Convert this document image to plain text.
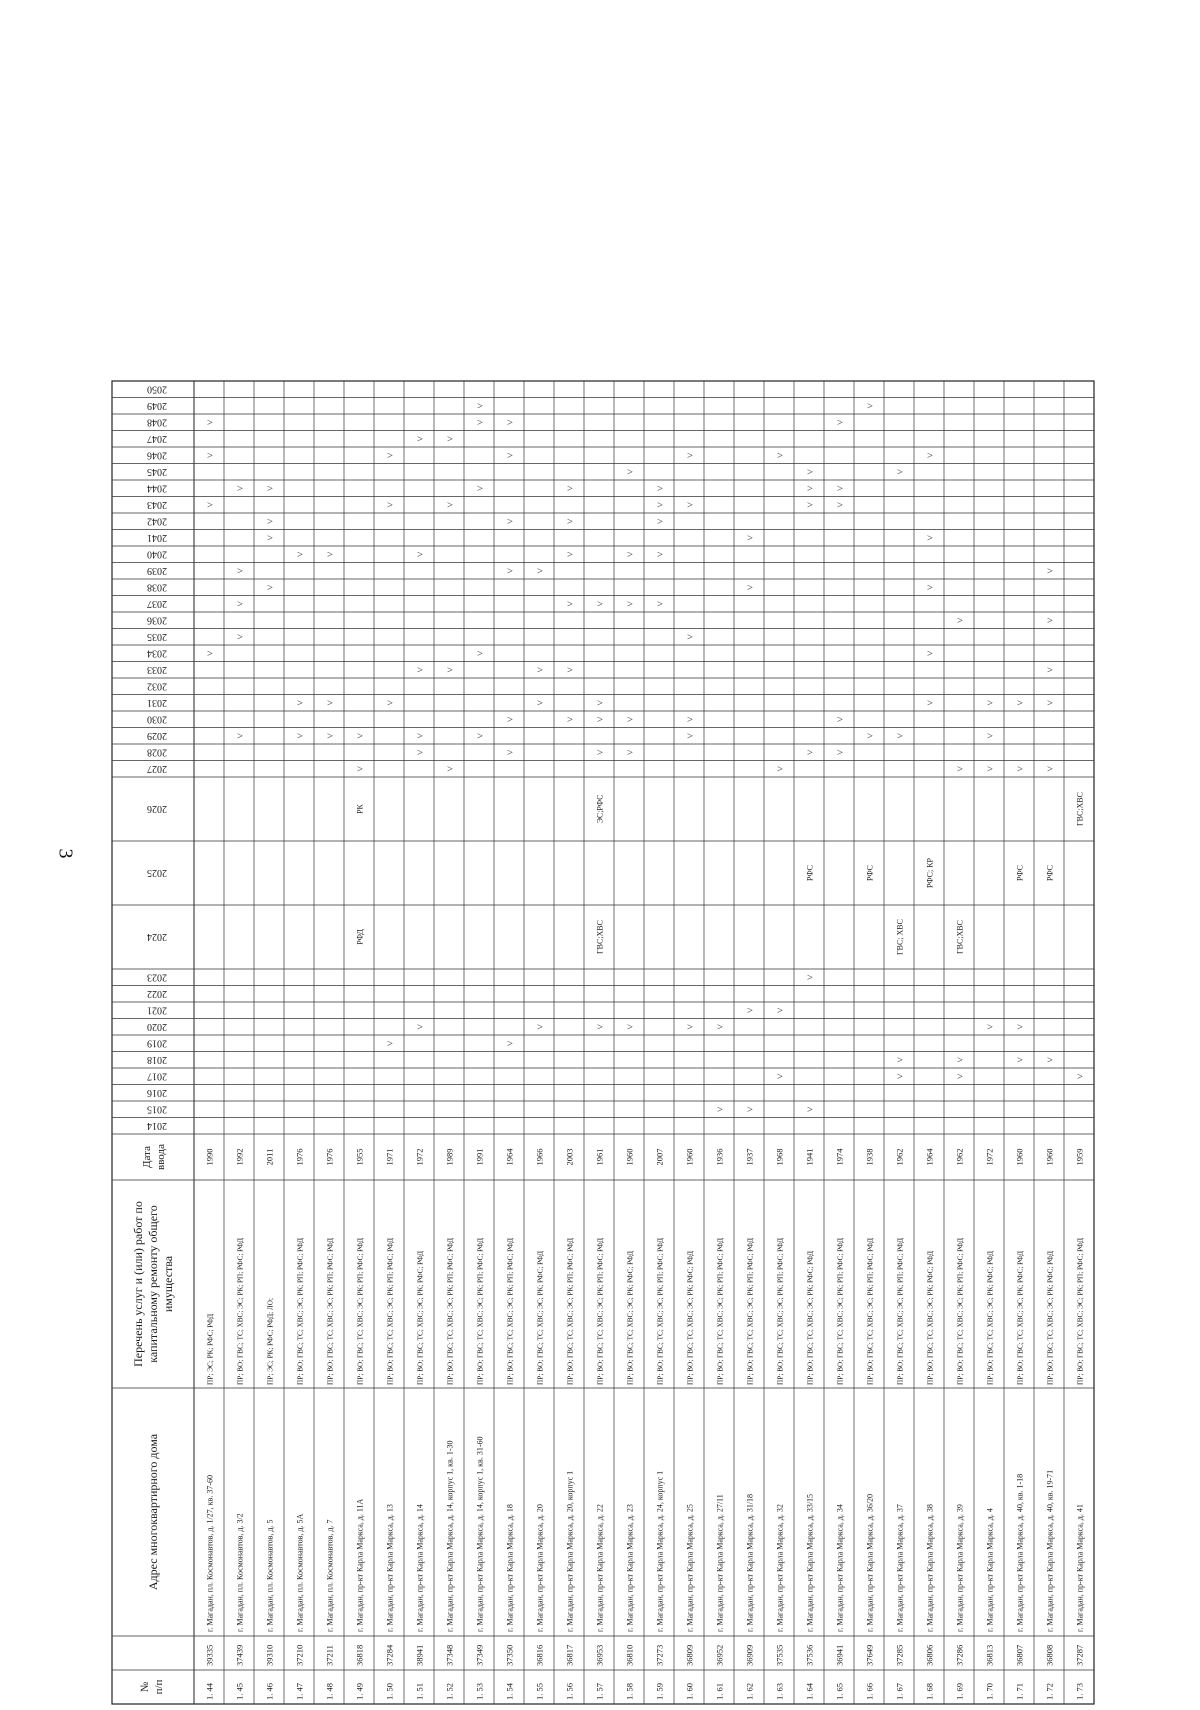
3
№ п/п
Адрес многоквартирного дома
Перечень услуг и (или) работ по капитальному ремонту общего имущества
Дата ввода
2014
2015
2016
2017
2018
2019
2020
2021
2022
2023
2024
2025
2026
2027
2028
2029
2030
2031
2032
2033
2034
2035
2036
2037
2038
2039
2040
2041
2042
2043
2044
2045
2046
2047
2048
2049
2050
1. 44
39335
г. Магадан, пл. Космонавтов, д. 1/27, кв. 37-60
ПР; ЭС; РК; РФС; РФД
1990
˅
˅
˅
˅
1. 45
37439
г. Магадан, пл. Космонавтов, д. 3/2
ПР; ВО; ГВС; ТС; ХВС; ЭС; РК; РП; РФС; РФД
1992
˅
˅
˅
˅
˅
1. 46
39310
г. Магадан, пл. Космонавтов, д. 5
ПР; ЭС; РК; РФС; РФД; ЛО;
2011
˅
˅
˅
˅
1. 47
37210
г. Магадан, пл. Космонавтов, д. 5А
ПР; ВО; ГВС; ТС; ХВС; ЭС; РК; РП; РФС; РФД
1976
˅
˅
˅
1. 48
37211
г. Магадан, пл. Космонавтов, д. 7
ПР; ВО; ГВС; ТС; ХВС; ЭС; РК; РП; РФС; РФД
1976
˅
˅
˅
1. 49
36818
г. Магадан, пр-кт Карла Маркса, д. 11А
ПР; ВО; ГВС; ТС; ХВС; ЭС; РК; РП; РФС; РФД
1955
РФД
РК
˅
˅
1. 50
37284
г. Магадан, пр-кт Карла Маркса, д. 13
ПР; ВО; ГВС; ТС; ХВС; ЭС; РК; РП; РФС; РФД
1971
˅
˅
˅
˅
1. 51
38941
г. Магадан, пр-кт Карла Маркса, д. 14
ПР; ВО; ГВС; ТС; ХВС; ЭС; РК; РФС; РФД
1972
˅
˅
˅
˅
˅
˅
1. 52
37348
г. Магадан, пр-кт Карла Маркса, д. 14, корпус 1, кв. 1-30
ПР; ВО; ГВС; ТС; ХВС; ЭС; РК; РП; РФС; РФД
1989
˅
˅
˅
˅
1. 53
37349
г. Магадан, пр-кт Карла Маркса, д. 14, корпус 1, кв. 31-60
ПР; ВО; ГВС; ТС; ХВС; ЭС; РК; РП; РФС; РФД
1991
˅
˅
˅
˅
˅
1. 54
37350
г. Магадан, пр-кт Карла Маркса, д. 18
ПР; ВО; ГВС; ТС; ХВС; ЭС; РК; РП; РФС; РФД
1964
˅
˅
˅
˅
˅
˅
˅
1. 55
36816
г. Магадан, пр-кт Карла Маркса, д. 20
ПР; ВО; ГВС; ТС; ХВС; ЭС; РК; РФС; РФД
1966
˅
˅
˅
˅
1. 56
36817
г. Магадан, пр-кт Карла Маркса, д. 20, корпус 1
ПР; ВО; ГВС; ТС; ХВС; ЭС; РК; РП; РФС; РФД
2003
˅
˅
˅
˅
˅
˅
1. 57
36953
г. Магадан, пр-кт Карла Маркса, д. 22
ПР; ВО; ГВС; ТС; ХВС; ЭС; РК; РП; РФС; РФД
1961
˅
ГВС;ХВС
ЭС;РФС
˅
˅
˅
˅
1. 58
36810
г. Магадан, пр-кт Карла Маркса, д. 23
ПР; ВО; ГВС; ТС; ХВС; ЭС; РК; РФС; РФД
1960
˅
˅
˅
˅
˅
˅
1. 59
37273
г. Магадан, пр-кт Карла Маркса, д. 24, корпус 1
ПР; ВО; ГВС; ТС; ХВС; ЭС; РК; РП; РФС; РФД
2007
˅
˅
˅
˅
˅
1. 60
36809
г. Магадан, пр-кт Карла Маркса, д. 25
ПР; ВО; ГВС; ТС; ХВС; ЭС; РК; РФС; РФД
1960
˅
˅
˅
˅
˅
˅
1. 61
36952
г. Магадан, пр-кт Карла Маркса, д. 27/11
ПР; ВО; ГВС; ТС; ХВС; ЭС; РК; РП; РФС; РФД
1936
˅
˅
1. 62
36909
г. Магадан, пр-кт Карла Маркса, д. 31/18
ПР; ВО; ГВС; ТС; ХВС; ЭС; РК; РП; РФС; РФД
1937
˅
˅
˅
˅
1. 63
37535
г. Магадан, пр-кт Карла Маркса, д. 32
ПР; ВО; ГВС; ТС; ХВС; ЭС; РК; РП; РФС; РФД
1968
˅
˅
˅
˅
1. 64
37536
г. Магадан, пр-кт Карла Маркса, д. 33/15
ПР; ВО; ГВС; ТС; ХВС; ЭС; РК; РФС; РФД
1941
˅
˅
РФС
˅
˅
˅
˅
1. 65
36941
г. Магадан, пр-кт Карла Маркса, д. 34
ПР; ВО; ГВС; ТС; ХВС; ЭС; РК; РП; РФС; РФД
1974
˅
˅
˅
˅
˅
1. 66
37649
г. Магадан, пр-кт Карла Маркса, д. 36/20
ПР; ВО; ГВС; ТС; ХВС; ЭС; РК; РП; РФС; РФД
1938
РФС
˅
˅
1. 67
37285
г. Магадан, пр-кт Карла Маркса, д. 37
ПР; ВО; ГВС; ТС; ХВС; ЭС; РК; РП; РФС; РФД
1962
˅
˅
ГВС; ХВС
˅
˅
1. 68
36806
г. Магадан, пр-кт Карла Маркса, д. 38
ПР; ВО; ГВС; ТС; ХВС; ЭС; РК; РФС; РФД
1964
РФС; КР
˅
˅
˅
˅
˅
1. 69
37286
г. Магадан, пр-кт Карла Маркса, д. 39
ПР; ВО; ГВС; ТС; ХВС; ЭС; РК; РП; РФС; РФД
1962
˅
˅
ГВС;ХВС
˅
˅
1. 70
36813
г. Магадан, пр-кт Карла Маркса, д. 4
ПР; ВО; ГВС; ТС; ХВС; ЭС; РК; РФС; РФД
1972
˅
˅
˅
˅
1. 71
36807
г. Магадан, пр-кт Карла Маркса, д. 40, кв. 1-18
ПР; ВО; ГВС; ТС; ХВС; ЭС; РК; РФС; РФД
1960
˅
˅
РФС
˅
˅
1. 72
36808
г. Магадан, пр-кт Карла Маркса, д. 40, кв. 19-71
ПР; ВО; ГВС; ТС; ХВС; ЭС; РК; РФС; РФД
1960
˅
РФС
˅
˅
˅
˅
˅
1. 73
37287
г. Магадан, пр-кт Карла Маркса, д. 41
ПР; ВО; ГВС; ТС; ХВС; ЭС; РК; РП; РФС; РФД
1959
˅
ГВС;ХВС
